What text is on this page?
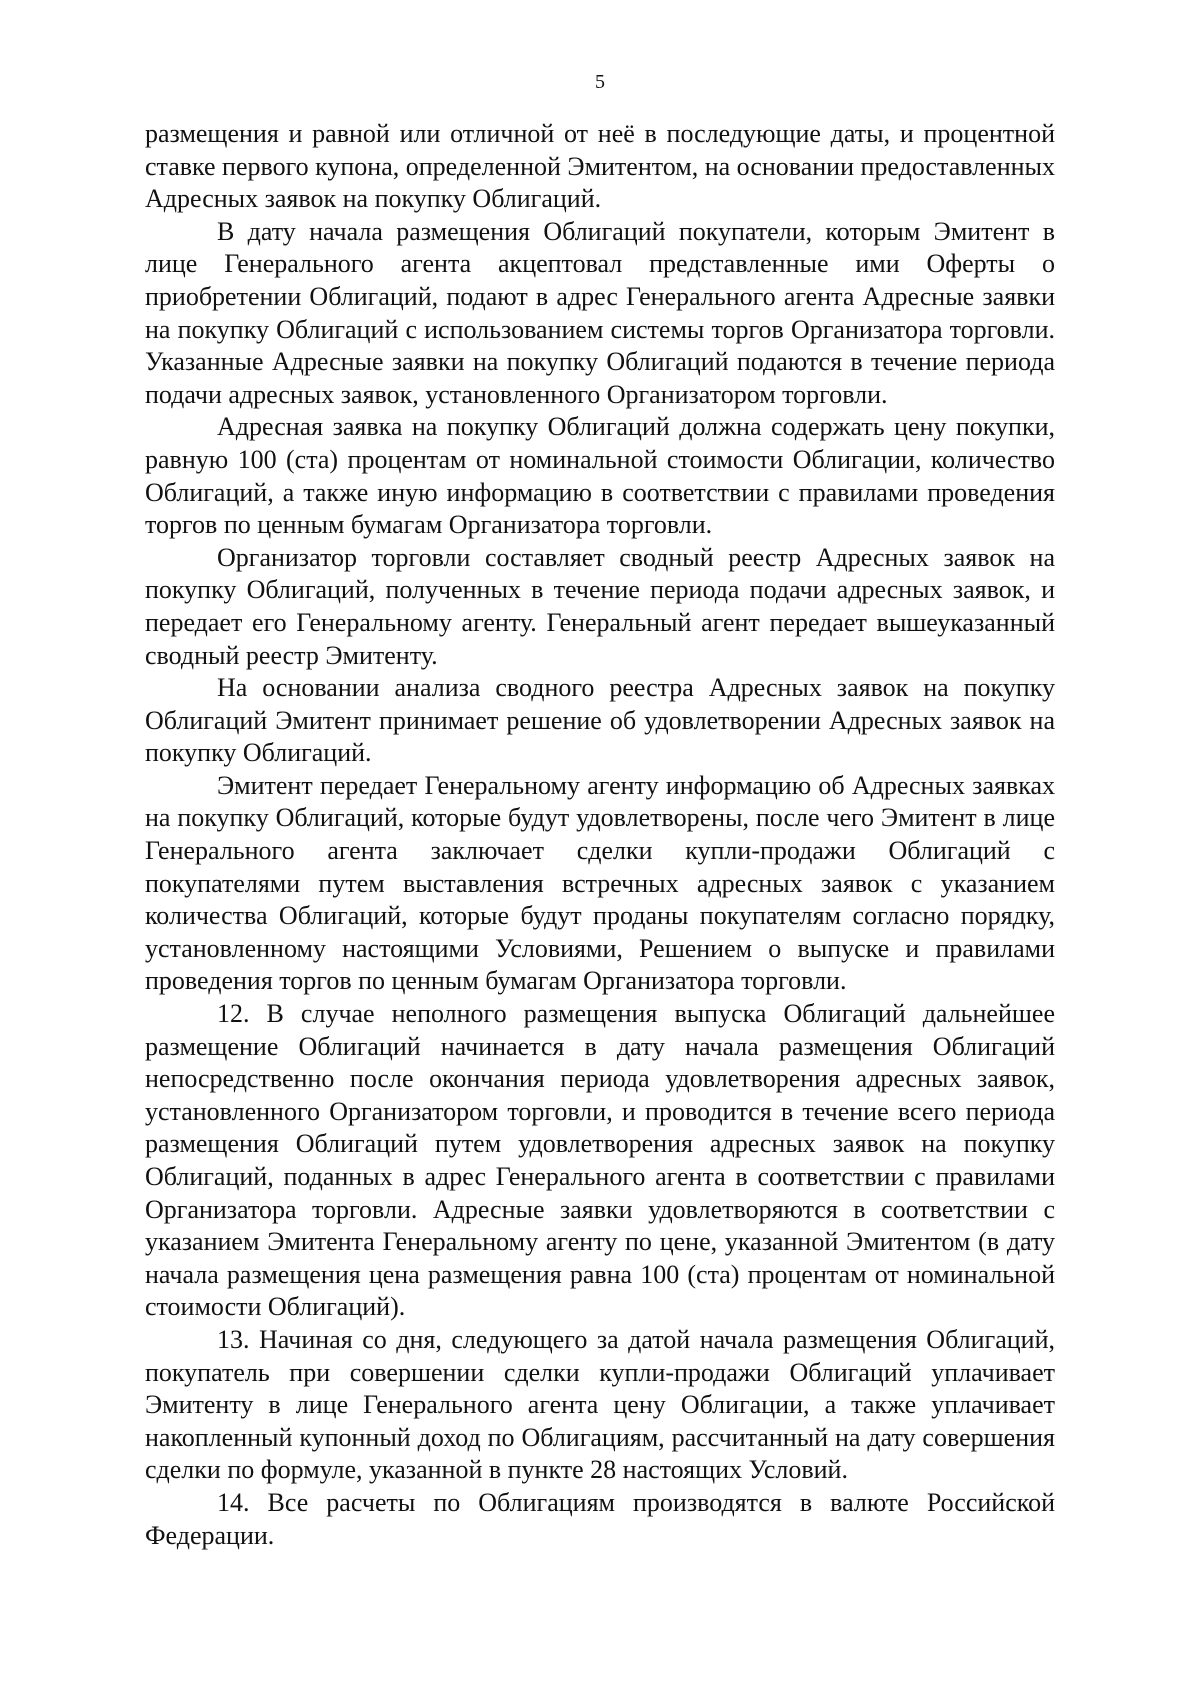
5

размещения и равной или отличной от неё в последующие даты, и процентной ставке первого купона, определенной Эмитентом, на основании предоставленных Адресных заявок на покупку Облигаций.

В дату начала размещения Облигаций покупатели, которым Эмитент в лице Генерального агента акцептовал представленные ими Оферты о приобретении Облигаций, подают в адрес Генерального агента Адресные заявки на покупку Облигаций с использованием системы торгов Организатора торговли. Указанные Адресные заявки на покупку Облигаций подаются в течение периода подачи адресных заявок, установленного Организатором торговли.

Адресная заявка на покупку Облигаций должна содержать цену покупки, равную 100 (ста) процентам от номинальной стоимости Облигации, количество Облигаций, а также иную информацию в соответствии с правилами проведения торгов по ценным бумагам Организатора торговли.

Организатор торговли составляет сводный реестр Адресных заявок на покупку Облигаций, полученных в течение периода подачи адресных заявок, и передает его Генеральному агенту. Генеральный агент передает вышеуказанный сводный реестр Эмитенту.

На основании анализа сводного реестра Адресных заявок на покупку Облигаций Эмитент принимает решение об удовлетворении Адресных заявок на покупку Облигаций.

Эмитент передает Генеральному агенту информацию об Адресных заявках на покупку Облигаций, которые будут удовлетворены, после чего Эмитент в лице Генерального агента заключает сделки купли-продажи Облигаций с покупателями путем выставления встречных адресных заявок с указанием количества Облигаций, которые будут проданы покупателям согласно порядку, установленному настоящими Условиями, Решением о выпуске и правилами проведения торгов по ценным бумагам Организатора торговли.

12. В случае неполного размещения выпуска Облигаций дальнейшее размещение Облигаций начинается в дату начала размещения Облигаций непосредственно после окончания периода удовлетворения адресных заявок, установленного Организатором торговли, и проводится в течение всего периода размещения Облигаций путем удовлетворения адресных заявок на покупку Облигаций, поданных в адрес Генерального агента в соответствии с правилами Организатора торговли. Адресные заявки удовлетворяются в соответствии с указанием Эмитента Генеральному агенту по цене, указанной Эмитентом (в дату начала размещения цена размещения равна 100 (ста) процентам от номинальной стоимости Облигаций).

13. Начиная со дня, следующего за датой начала размещения Облигаций, покупатель при совершении сделки купли-продажи Облигаций уплачивает Эмитенту в лице Генерального агента цену Облигации, а также уплачивает накопленный купонный доход по Облигациям, рассчитанный на дату совершения сделки по формуле, указанной в пункте 28 настоящих Условий.

14. Все расчеты по Облигациям производятся в валюте Российской Федерации.
